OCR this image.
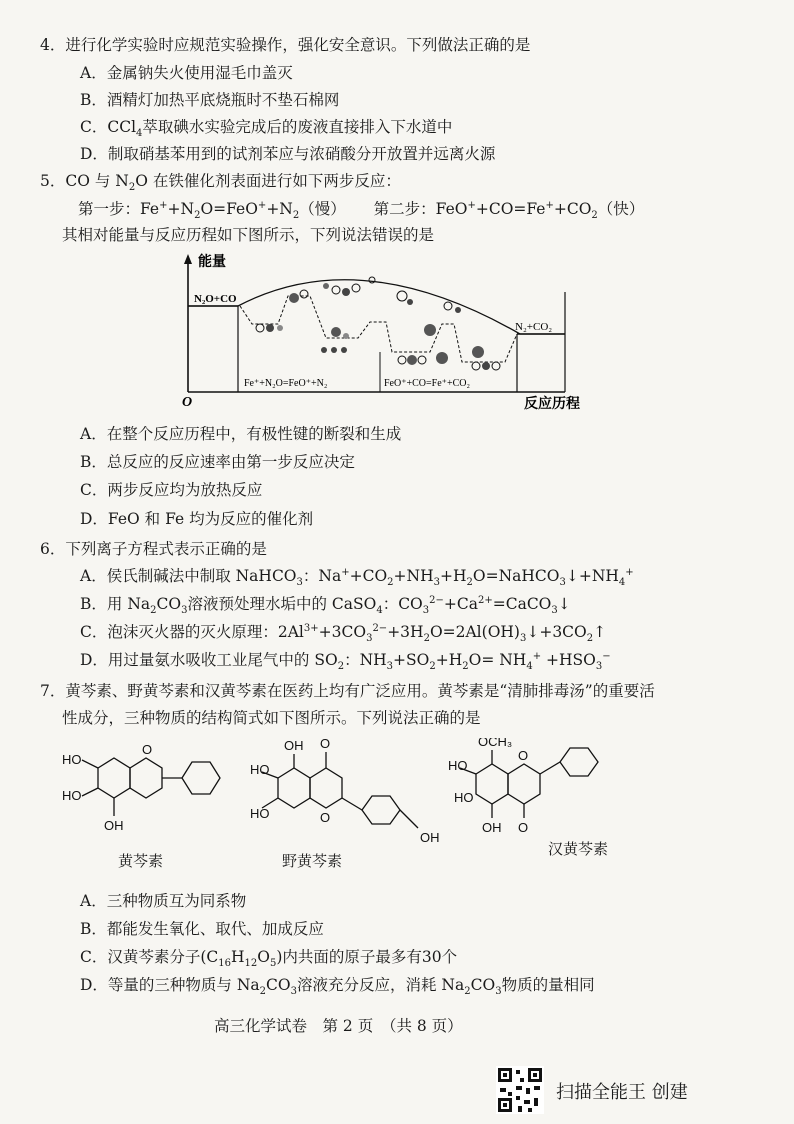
4．进行化学实验时应规范实验操作，强化安全意识。下列做法正确的是
A．金属钠失火使用湿毛巾盖灭
B．酒精灯加热平底烧瓶时不垫石棉网
C．CCl$_4$萃取碘水实验完成后的废液直接排入下水道中
D．制取硝基苯用到的试剂苯应与浓硝酸分开放置并远离火源
5．CO 与 $N_2O$ 在铁催化剂表面进行如下两步反应：
第一步：$Fe^++N_2O=FeO^++N_2$（慢） 第二步：$FeO^++CO=Fe^++CO_2$（快）
其相对能量与反应历程如下图所示，下列说法错误的是
能量
N₂O+CO
N₂+CO₂
Fe⁺+N₂O=FeO⁺+N₂	FeO⁺+CO=Fe⁺+CO₂
O	反应历程
A．在整个反应历程中，有极性键的断裂和生成
B．总反应的反应速率由第一步反应决定
C．两步反应均为放热反应
D．FeO 和 Fe 均为反应的催化剂
6．下列离子方程式表示正确的是
A．侯氏制碱法中制取 NaHCO$_3$：$Na^++CO_2+NH_3+H_2O=NaHCO_3↓+NH_4^+$
B．用 $Na_2CO_3$溶液预处理水垢中的 CaSO$_4$：$CO_3^{2-}+Ca^{2+}=CaCO_3↓$
C．泡沫灭火器的灭火原理：$2Al^{3+}+3CO_3^{2-}+3H_2O=2Al(OH)_3↓+3CO_2↑$
D．用过量氨水吸收工业尾气中的 $SO_2$：$NH_3+SO_2+H_2O= NH_4^+ +HSO_3^-$
7．黄芩素、野黄芩素和汉黄芩素在医药上均有广泛应用。黄芩素是“清肺排毒汤”的重要活
性成分，三种物质的结构简式如下图所示。下列说法正确的是
HO
HO
OH
O	O
OH
HO
HO	O
OH
OCH₃
HO
HO
O
OH O
黄芩素	野黄芩素
汉黄芩素
A．三种物质互为同系物
B．都能发生氧化、取代、加成反应
C．汉黄芩素分子$(C_{16}H_{12}O_5)$内共面的原子最多有30个
D．等量的三种物质与 $Na_2CO_3$溶液充分反应，消耗 $Na_2CO_3$物质的量相同
高三化学试卷　第 2 页　（共 8 页）
扫描全能王 创建
